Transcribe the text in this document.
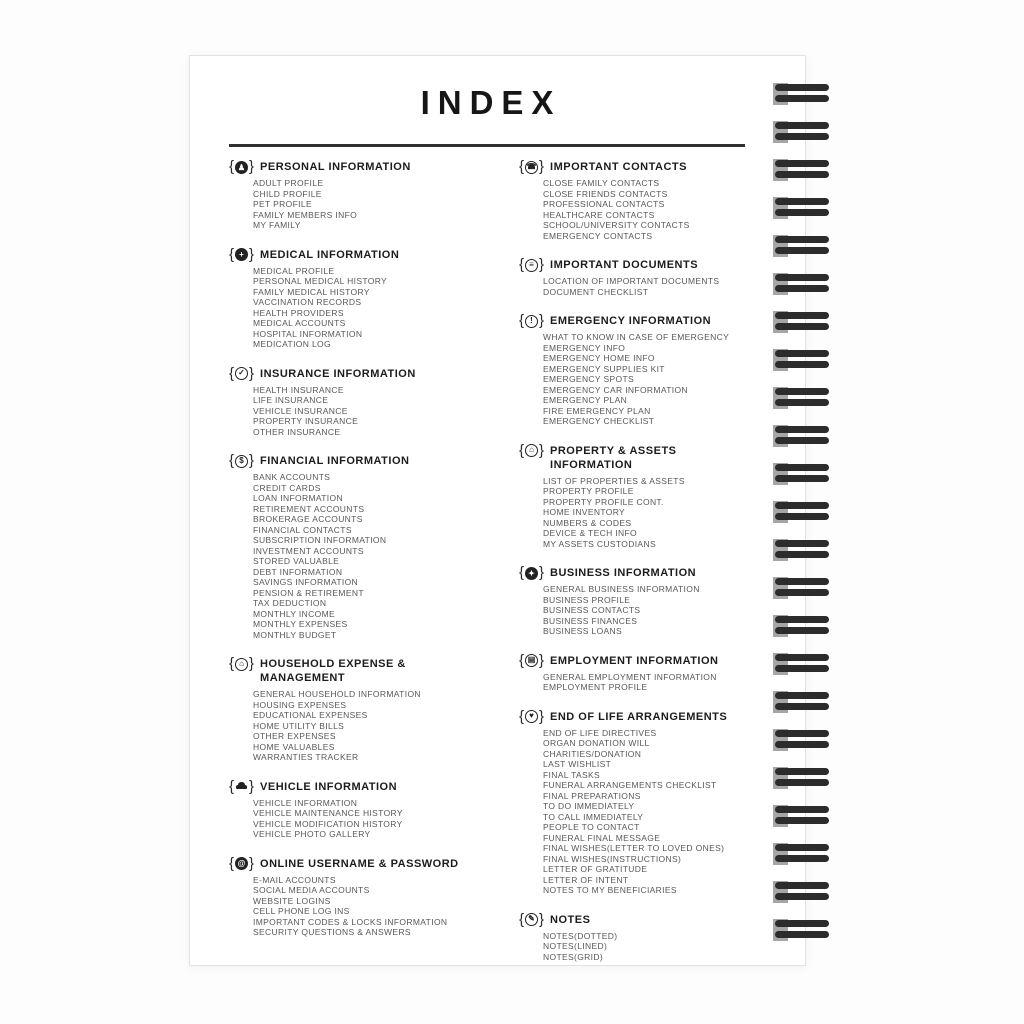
INDEX
{ ♟ } PERSONAL INFORMATION
ADULT PROFILE
CHILD PROFILE
PET PROFILE
FAMILY MEMBERS INFO
MY FAMILY
{ + } MEDICAL INFORMATION
MEDICAL PROFILE
PERSONAL MEDICAL HISTORY
FAMILY MEDICAL HISTORY
VACCINATION RECORDS
HEALTH PROVIDERS
MEDICAL ACCOUNTS
HOSPITAL INFORMATION
MEDICATION LOG
{ ✓ } INSURANCE INFORMATION
HEALTH INSURANCE
LIFE INSURANCE
VEHICLE INSURANCE
PROPERTY INSURANCE
OTHER INSURANCE
{ $ } FINANCIAL INFORMATION
BANK ACCOUNTS
CREDIT CARDS
LOAN INFORMATION
RETIREMENT ACCOUNTS
BROKERAGE ACCOUNTS
FINANCIAL CONTACTS
SUBSCRIPTION INFORMATION
INVESTMENT ACCOUNTS
STORED VALUABLE
DEBT INFORMATION
SAVINGS INFORMATION
PENSION & RETIREMENT
TAX DEDUCTION
MONTHLY INCOME
MONTHLY EXPENSES
MONTHLY BUDGET
{ ⌂ } HOUSEHOLD EXPENSE & MANAGEMENT
GENERAL HOUSEHOLD INFORMATION
HOUSING EXPENSES
EDUCATIONAL EXPENSES
HOME UTILITY BILLS
OTHER EXPENSES
HOME VALUABLES
WARRANTIES TRACKER
{ } VEHICLE INFORMATION
VEHICLE INFORMATION
VEHICLE MAINTENANCE HISTORY
VEHICLE MODIFICATION HISTORY
VEHICLE PHOTO GALLERY
{ @ } ONLINE USERNAME & PASSWORD
E-MAIL ACCOUNTS
SOCIAL MEDIA ACCOUNTS
WEBSITE LOGINS
CELL PHONE LOG INS
IMPORTANT CODES & LOCKS INFORMATION
SECURITY QUESTIONS & ANSWERS
{ ☎ } IMPORTANT CONTACTS
CLOSE FAMILY CONTACTS
CLOSE FRIENDS CONTACTS
PROFESSIONAL CONTACTS
HEALTHCARE CONTACTS
SCHOOL/UNIVERSITY CONTACTS
EMERGENCY CONTACTS
{ ≡ } IMPORTANT DOCUMENTS
LOCATION OF IMPORTANT DOCUMENTS
DOCUMENT CHECKLIST
{ ! } EMERGENCY INFORMATION
WHAT TO KNOW IN CASE OF EMERGENCY
EMERGENCY INFO
EMERGENCY HOME INFO
EMERGENCY SUPPLIES KIT
EMERGENCY SPOTS
EMERGENCY CAR INFORMATION
EMERGENCY PLAN
FIRE EMERGENCY PLAN
EMERGENCY CHECKLIST
{ ⌂ } PROPERTY & ASSETS INFORMATION
LIST OF PROPERTIES & ASSETS
PROPERTY PROFILE
PROPERTY PROFILE CONT.
HOME INVENTORY
NUMBERS & CODES
DEVICE & TECH INFO
MY ASSETS CUSTODIANS
{ ✦ } BUSINESS INFORMATION
GENERAL BUSINESS INFORMATION
BUSINESS PROFILE
BUSINESS CONTACTS
BUSINESS FINANCES
BUSINESS LOANS
{ ▤ } EMPLOYMENT INFORMATION
GENERAL EMPLOYMENT INFORMATION
EMPLOYMENT PROFILE
{ ♥ } END OF LIFE ARRANGEMENTS
END OF LIFE DIRECTIVES
ORGAN DONATION WILL
CHARITIES/DONATION
LAST WISHLIST
FINAL TASKS
FUNERAL ARRANGEMENTS CHECKLIST
FINAL PREPARATIONS
TO DO IMMEDIATELY
TO CALL IMMEDIATELY
PEOPLE TO CONTACT
FUNERAL FINAL MESSAGE
FINAL WISHES(LETTER TO LOVED ONES)
FINAL WISHES(INSTRUCTIONS)
LETTER OF GRATITUDE
LETTER OF INTENT
NOTES TO MY BENEFICIARIES
{ ✎ } NOTES
NOTES(DOTTED)
NOTES(LINED)
NOTES(GRID)
